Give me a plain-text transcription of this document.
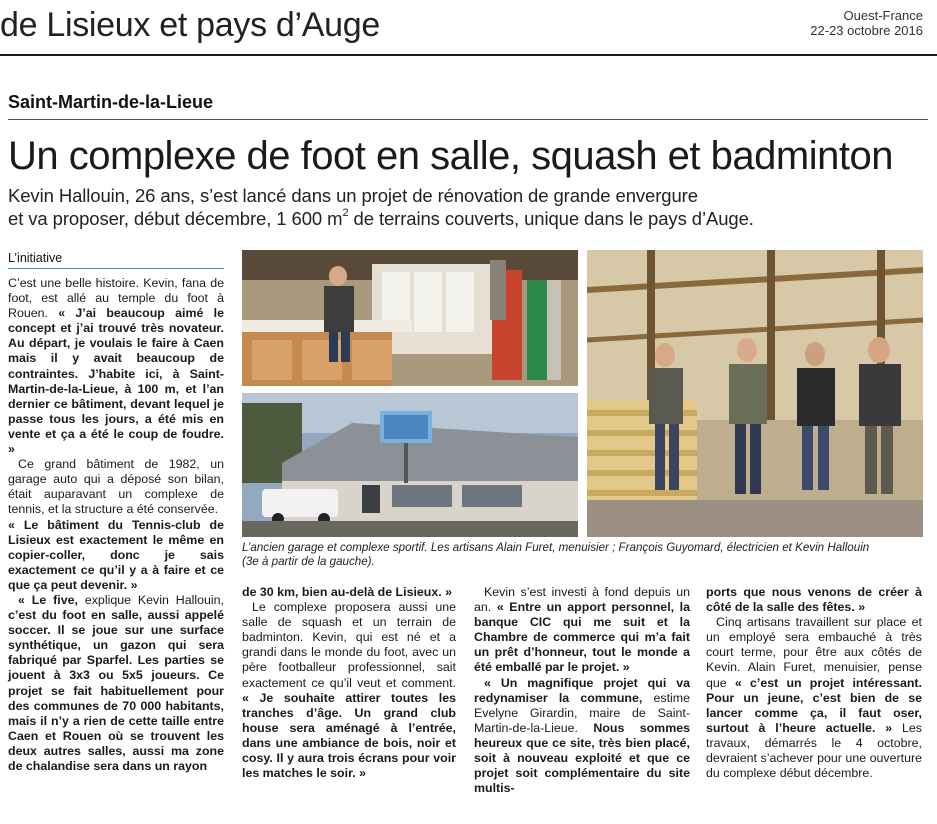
de Lisieux et pays d’Auge	Ouest-France
22-23 octobre 2016
Saint-Martin-de-la-Lieue
Un complexe de foot en salle, squash et badminton
Kevin Hallouin, 26 ans, s’est lancé dans un projet de rénovation de grande envergure
et va proposer, début décembre, 1 600 $m^2$ de terrains couverts, unique dans le pays d’Auge.
L’initiative

C’est une belle histoire. Kevin, fana de foot, est allé au temple du foot à Rouen. « J’ai beaucoup aimé le concept et j’ai trouvé très novateur. Au départ, je voulais le faire à Caen mais il y avait beaucoup de contraintes. J’habite ici, à Saint-Martin-de-la-Lieue, à 100 m, et l’an dernier ce bâtiment, devant lequel je passe tous les jours, a été mis en vente et ça a été le coup de foudre. »

Ce grand bâtiment de 1982, un garage auto qui a déposé son bilan, était auparavant un complexe de tennis, et la structure a été conservée.

« Le bâtiment du Tennis-club de Lisieux est exactement le même en copier-coller, donc je sais exactement ce qu’il y a à faire et ce que ça peut devenir. »

« Le five, explique Kevin Hallouin, c’est du foot en salle, aussi appelé soccer. Il se joue sur une surface synthétique, un gazon qui sera fabriqué par Sparfel. Les parties se jouent à 3x3 ou 5x5 joueurs. Ce projet se fait habituellement pour des communes de 70 000 habitants, mais il n’y a rien de cette taille entre Caen et Rouen où se trouvent les deux autres salles, aussi ma zone de chalandise sera dans un rayon

L’ancien garage et complexe sportif. Les artisans Alain Furet, menuisier ; François Guyomard, électricien et Kevin Hallouin
(3e à partir de la gauche).

de 30 km, bien au-delà de Lisieux. »

Le complexe proposera aussi une salle de squash et un terrain de badminton. Kevin, qui est né et a grandi dans le monde du foot, avec un père footballeur professionnel, sait exactement ce qu’il veut et comment. « Je souhaite attirer toutes les tranches d’âge. Un grand club house sera aménagé à l’entrée, dans une ambiance de bois, noir et cosy. Il y aura trois écrans pour voir les matches le soir. »

Kevin s’est investi à fond depuis un an. « Entre un apport personnel, la banque CIC qui me suit et la Chambre de commerce qui m’a fait un prêt d’honneur, tout le monde a été emballé par le projet. »

« Un magnifique projet qui va redynamiser la commune, estime Evelyne Girardin, maire de Saint-Martin-de-la-Lieue. Nous sommes heureux que ce site, très bien placé, soit à nouveau exploité et que ce projet soit complémentaire du site multis-

ports que nous venons de créer à côté de la salle des fêtes. »

Cinq artisans travaillent sur place et un employé sera embauché à très court terme, pour être aux côtés de Kevin. Alain Furet, menuisier, pense que « c’est un projet intéressant. Pour un jeune, c’est bien de se lancer comme ça, il faut oser, surtout à l’heure actuelle. » Les travaux, démarrés le 4 octobre, devraient s’achever pour une ouverture du complexe début décembre.
